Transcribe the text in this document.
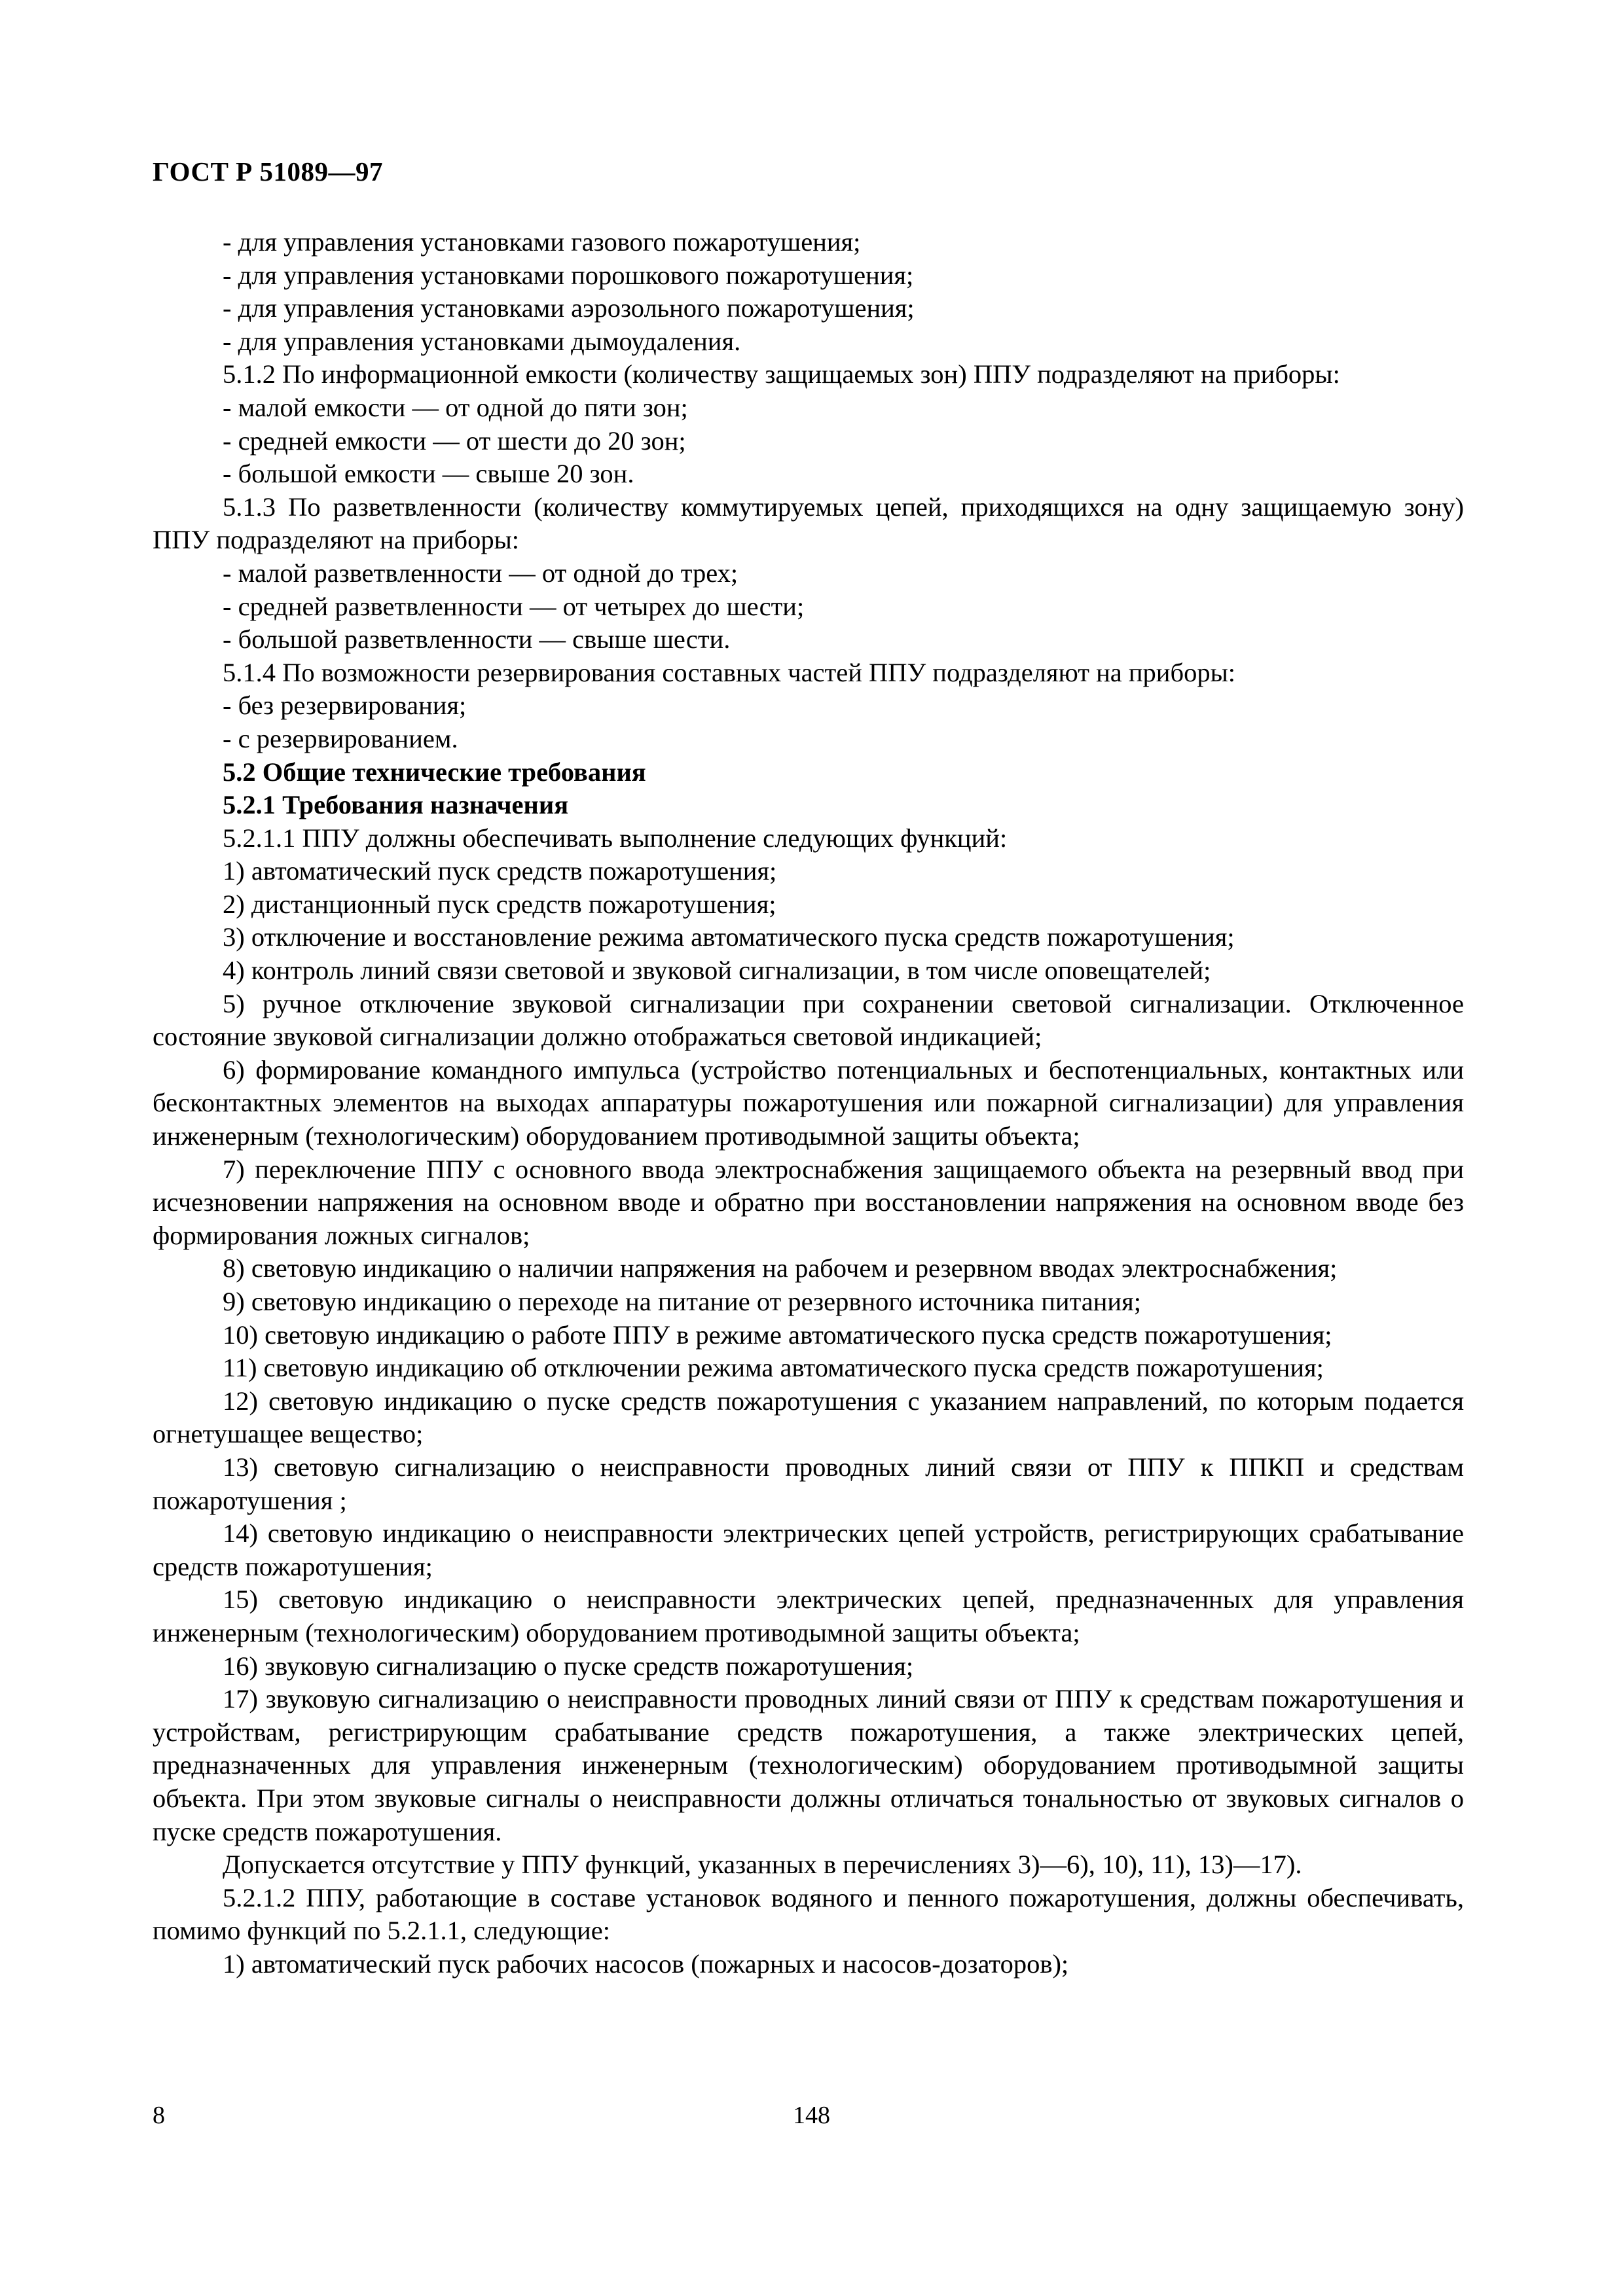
ГОСТ Р 51089—97

- для управления установками газового пожаротушения;

- для управления установками порошкового пожаротушения;

- для управления установками аэрозольного пожаротушения;

- для управления установками дымоудаления.

5.1.2 По информационной емкости (количеству защищаемых зон) ППУ подразделяют на приборы:

- малой емкости — от одной до пяти зон;

- средней емкости — от шести до 20 зон;

- большой емкости — свыше 20 зон.

5.1.3 По разветвленности (количеству коммутируемых цепей, приходящихся на одну защищаемую зону) ППУ подразделяют на приборы:

- малой разветвленности — от одной до трех;

- средней разветвленности — от четырех до шести;

- большой разветвленности — свыше шести.

5.1.4 По возможности резервирования составных частей ППУ подразделяют на приборы:

- без резервирования;

- с резервированием.

5.2 Общие технические требования

5.2.1 Требования назначения

5.2.1.1 ППУ должны обеспечивать выполнение следующих функций:

1) автоматический пуск средств пожаротушения;

2) дистанционный пуск средств пожаротушения;

3) отключение и восстановление режима автоматического пуска средств пожаротушения;

4) контроль линий связи световой и звуковой сигнализации, в том числе оповещателей;

5) ручное отключение звуковой сигнализации при сохранении световой сигнализации. Отключенное состояние звуковой сигнализации должно отображаться световой индикацией;

6) формирование командного импульса (устройство потенциальных и беспотенциальных, контактных или бесконтактных элементов на выходах аппаратуры пожаротушения или пожарной сигнализации) для управления инженерным (технологическим) оборудованием противодымной защиты объекта;

7) переключение ППУ с основного ввода электроснабжения защищаемого объекта на резервный ввод при исчезновении напряжения на основном вводе и обратно при восстановлении напряжения на основном вводе без формирования ложных сигналов;

8) световую индикацию о наличии напряжения на рабочем и резервном вводах электроснабжения;

9) световую индикацию о переходе на питание от резервного источника питания;

10) световую индикацию о работе ППУ в режиме автоматического пуска средств пожаротушения;

11) световую индикацию об отключении режима автоматического пуска средств пожаротушения;

12) световую индикацию о пуске средств пожаротушения с указанием направлений, по которым подается огнетушащее вещество;

13) световую сигнализацию о неисправности проводных линий связи от ППУ к ППКП и средствам пожаротушения ;

14) световую индикацию о неисправности электрических цепей устройств, регистрирующих срабатывание средств пожаротушения;

15) световую индикацию о неисправности электрических цепей, предназначенных для управления инженерным (технологическим) оборудованием противодымной защиты объекта;

16) звуковую сигнализацию о пуске средств пожаротушения;

17) звуковую сигнализацию о неисправности проводных линий связи от ППУ к средствам пожаротушения и устройствам, регистрирующим срабатывание средств пожаротушения, а также электрических цепей, предназначенных для управления инженерным (технологическим) оборудованием противодымной защиты объекта. При этом звуковые сигналы о неисправности должны отличаться тональностью от звуковых сигналов о пуске средств пожаротушения.

Допускается отсутствие у ППУ функций, указанных в перечислениях 3)—6), 10), 11), 13)—17).

5.2.1.2 ППУ, работающие в составе установок водяного и пенного пожаротушения, должны обеспечивать, помимо функций по 5.2.1.1, следующие:

1) автоматический пуск рабочих насосов (пожарных и насосов-дозаторов);

8	148
